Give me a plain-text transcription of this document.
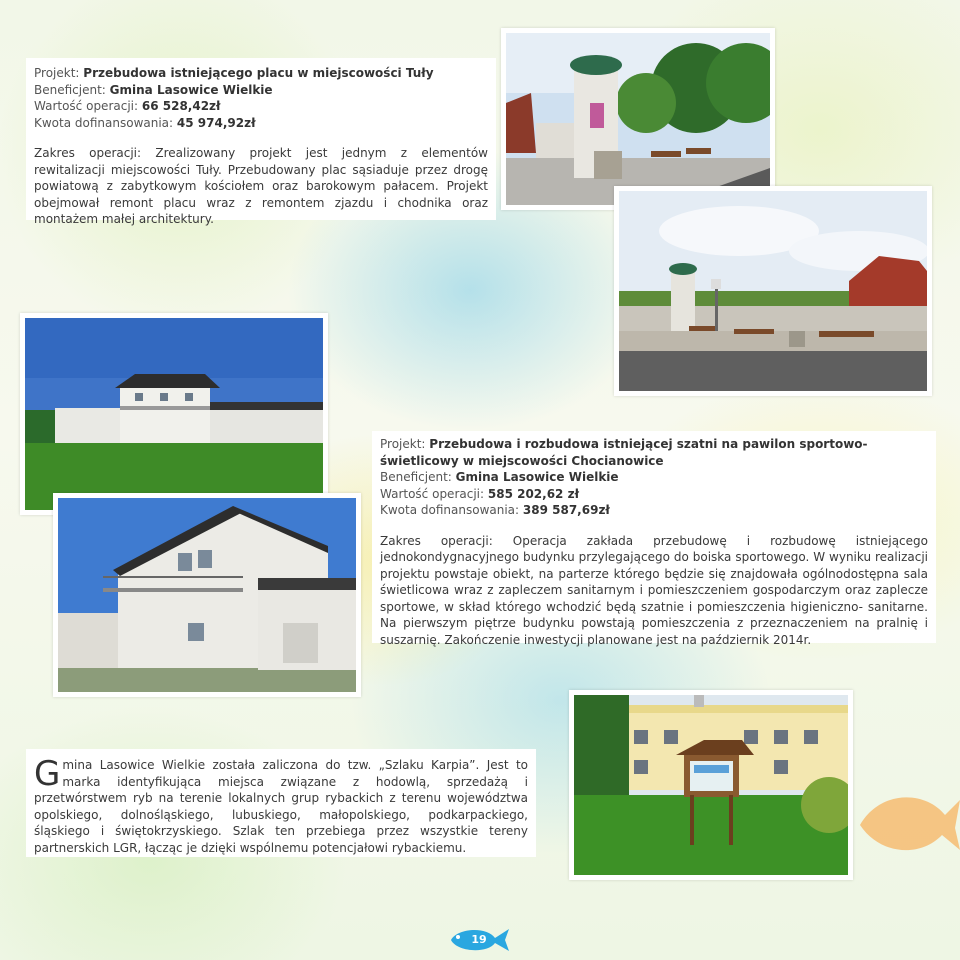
Projekt: Przebudowa istniejącego placu w miejscowości Tuły

Beneficjent: Gmina Lasowice Wielkie

Wartość operacji: 66 528,42zł

Kwota dofinansowania: 45 974,92zł

Zakres operacji: Zrealizowany projekt jest jednym z elementów rewitalizacji miejscowości Tuły. Przebudowany plac sąsiaduje przez drogę powiatową z zabytkowym kościołem oraz barokowym pałacem. Projekt obejmował remont placu wraz z remontem zjazdu i chodnika oraz montażem małej architektury.

Projekt: Przebudowa i rozbudowa istniejącej szatni na pawilon sportowo-świetlicowy w miejscowości Chocianowice

Beneficjent: Gmina Lasowice Wielkie

Wartość operacji: 585 202,62 zł

Kwota dofinansowania: 389 587,69zł

Zakres operacji: Operacja zakłada przebudowę i rozbudowę istniejącego jednokondygnacyjnego budynku przylegającego do boiska sportowego. W wyniku realizacji projektu powstaje obiekt, na parterze którego będzie się znajdowała ogólnodostępna sala świetlicowa wraz z zapleczem sanitarnym i pomieszczeniem gospodarczym oraz zaplecze sportowe, w skład którego wchodzić będą szatnie i pomieszczenia higieniczno- sanitarne. Na pierwszym piętrze budynku powstają pomieszczenia z przeznaczeniem na pralnię i suszarnię. Zakończenie inwestycji planowane jest na październik 2014r.

Gmina Lasowice Wielkie została zaliczona do tzw. „Szlaku Karpia”. Jest to marka identyfikująca miejsca związane z hodowlą, sprzedażą i przetwórstwem ryb na terenie lokalnych grup rybackich z terenu województwa opolskiego, dolnośląskiego, lubuskiego, małopolskiego, podkarpackiego, śląskiego i świętokrzyskiego. Szlak ten przebiega przez wszystkie tereny partnerskich LGR, łącząc je dzięki wspólnemu potencjałowi rybackiemu.
19
